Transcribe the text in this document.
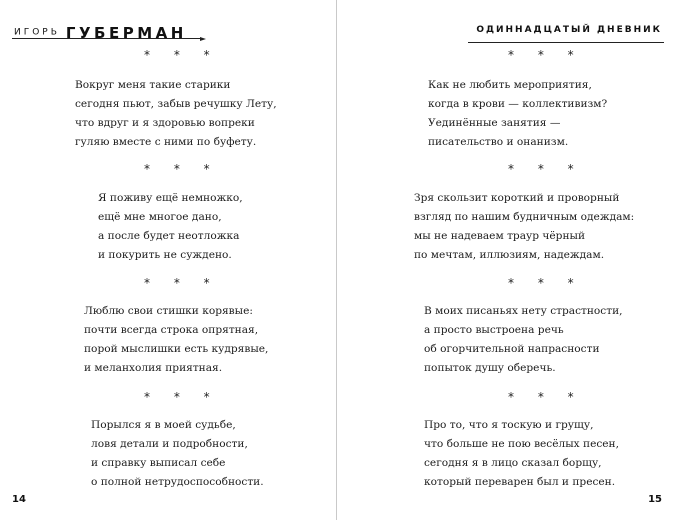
ИГОРЬ ГУБЕРМАН
* * *
Вокруг меня такие старики
сегодня пьют, забыв речушку Лету,
что вдруг и я здоровью вопреки
гуляю вместе с ними по буфету.
* * *
Я поживу ещё немножко,
ещё мне многое дано,
а после будет неотложка
и покурить не суждено.
* * *
Люблю свои стишки корявые:
почти всегда строка опрятная,
порой мыслишки есть кудрявые,
и меланхолия приятная.
* * *
Порылся я в моей судьбе,
ловя детали и подробности,
и справку выписал себе
о полной нетрудоспособности.
14
ОДИННАДЦАТЫЙ ДНЕВНИК
* * *
Как не любить мероприятия,
когда в крови — коллективизм?
Уединённые занятия —
писательство и онанизм.
* * *
Зря скользит короткий и проворный
взгляд по нашим будничным одеждам:
мы не надеваем траур чёрный
по мечтам, иллюзиям, надеждам.
* * *
В моих писаньях нету страстности,
а просто выстроена речь
об огорчительной напрасности
попыток душу оберечь.
* * *
Про то, что я тоскую и грущу,
что больше не пою весёлых песен,
сегодня я в лицо сказал борщу,
который переварен был и пресен.
15
